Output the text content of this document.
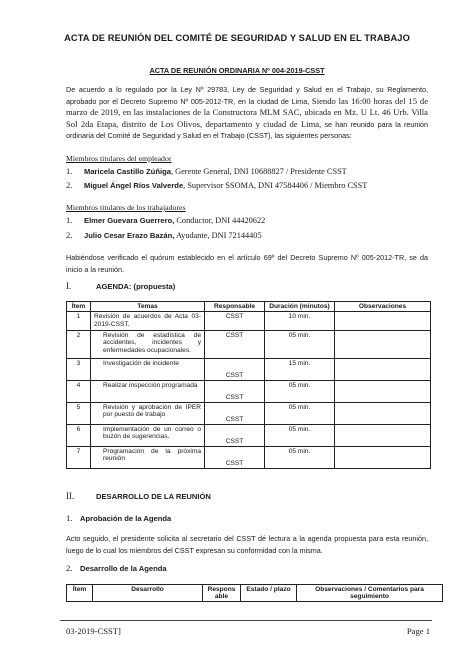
ACTA DE REUNIÓN DEL COMITÉ DE SEGURIDAD Y SALUD EN EL TRABAJO
ACTA DE REUNIÓN ORDINARIA Nº 004-2019-CSST
De acuerdo a lo regulado por la Ley Nº 29783, Ley de Seguridad y Salud en el Trabajo, su Reglamento, aprobado por el Decreto Supremo Nº 005-2012-TR, en la ciudad de Lima, Siendo las 16:00 horas del 15 de marzo de 2019, en las instalaciones de la Constructora MLM SAC, ubicada en Mz. U Lt. 46 Urb. Villa Sol 2da Etapa, distrito de Los Olivos, departamento y ciudad de Lima, se han reunido para la reunión ordinaria del Comité de Seguridad y Salud en el Trabajo (CSST), las siguientes personas:
Miembros titulares del empleador
1. Maricela Castillo Zúñiga, Gerente General, DNI 10688827 / Presidente CSST
2. Miguel Ángel Ríos Valverde, Supervisor SSOMA, DNI 47584406 / Miembro CSST
Miembros titulares de los trabajadores
1. Elmer Guevara Guerrero, Conductor, DNI 44420622
2. Julio Cesar Erazo Bazán, Ayudante, DNI 72144405
Habiéndose verificado el quórum establecido en el artículo 69º del Decreto Supremo Nº 005-2012-TR, se da inicio a la reunión.
I.	AGENDA: (propuesta)
Ítem	Temas	Responsable	Duración (minutos)	Observaciones
1	Revisión de acuerdos de Acta 03-2019-CSST.	CSST	10 min.	
2	Revisión de estadística de accidentes, incidentes y enfermedades ocupacionales.	CSST	05 min.	
3	Investigación de incidente	CSST	15 min.	
4	Realizar inspección programada	CSST	05 min.	
5	Revisión y aprobación de IPER por puesto de trabajo	CSST	05 min.	
6	Implementación de un correo o buzón de sugerencias.	CSST	05 min.	
7	Programación de la próxima reunión	CSST	05 min.	
II.	DESARROLLO DE LA REUNIÓN
1. Aprobación de la Agenda
Acto seguido, el presidente solicita al secretario del CSST dé lectura a la agenda propuesta para esta reunión, luego de lo cual los miembros del CSST expresan su conformidad con la misma.
2. Desarrollo de la Agenda
Ítem	Desarrollo	Responsable	Estado / plazo	Observaciones / Comentarios para seguimiento
03-2019-CSST]	Page 1
